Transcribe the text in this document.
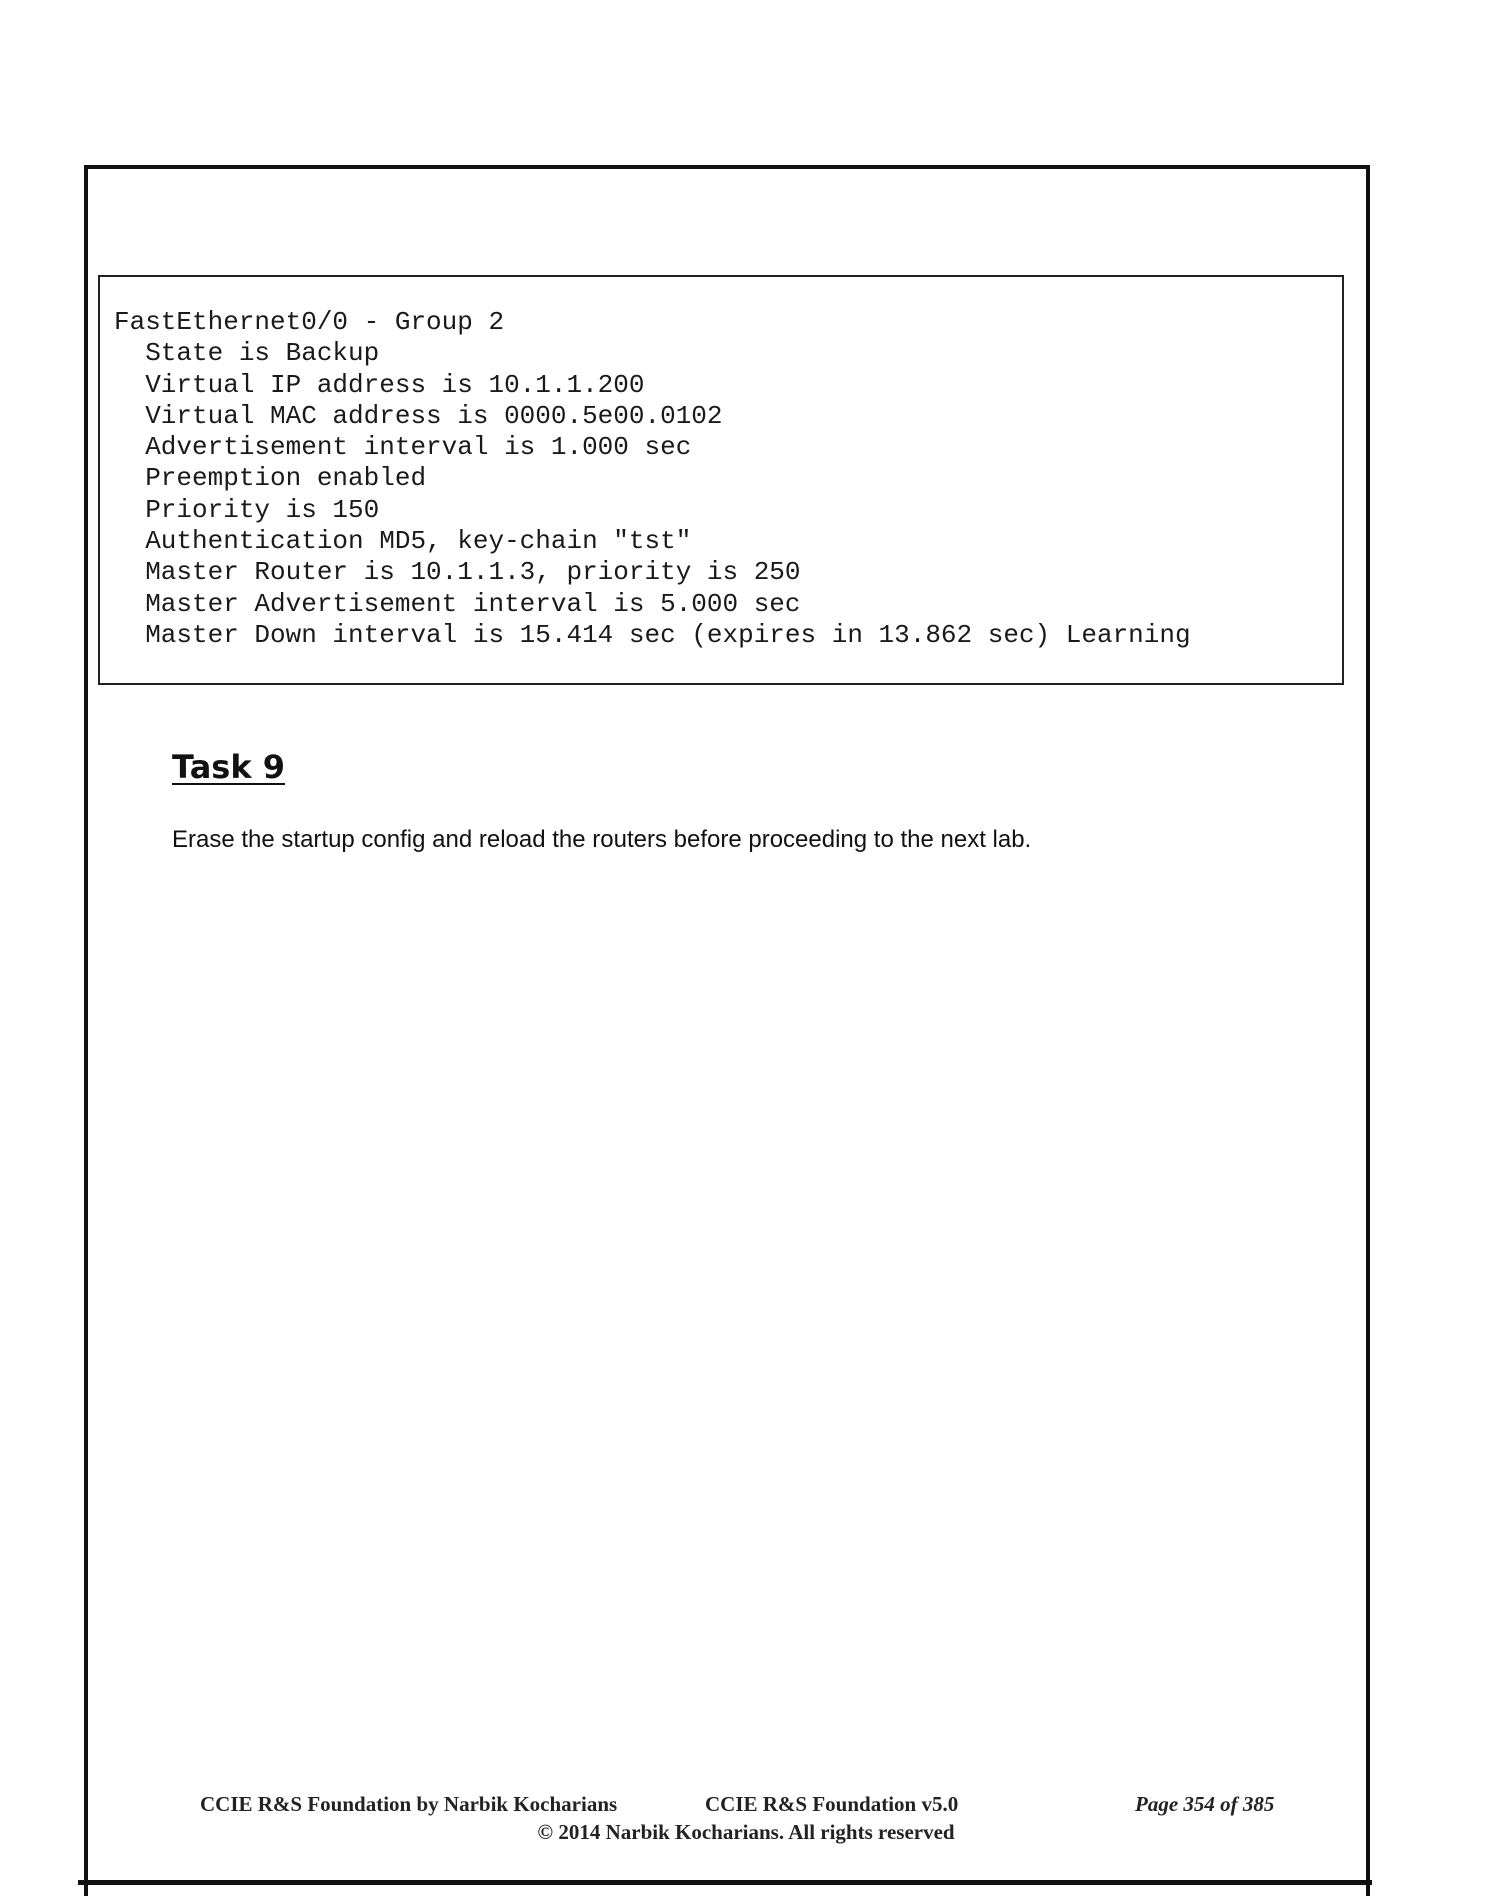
FastEthernet0/0 - Group 2
State is Backup
Virtual IP address is 10.1.1.200
Virtual MAC address is 0000.5e00.0102
Advertisement interval is 1.000 sec
Preemption enabled
Priority is 150
Authentication MD5, key-chain "tst"
Master Router is 10.1.1.3, priority is 250
Master Advertisement interval is 5.000 sec
Master Down interval is 15.414 sec (expires in 13.862 sec) Learning
Task 9

Erase the startup config and reload the routers before proceeding to the next lab.

CCIE R&S Foundation by Narbik Kocharians	CCIE R&S Foundation v5.0	Page 354 of 385
© 2014 Narbik Kocharians. All rights reserved
